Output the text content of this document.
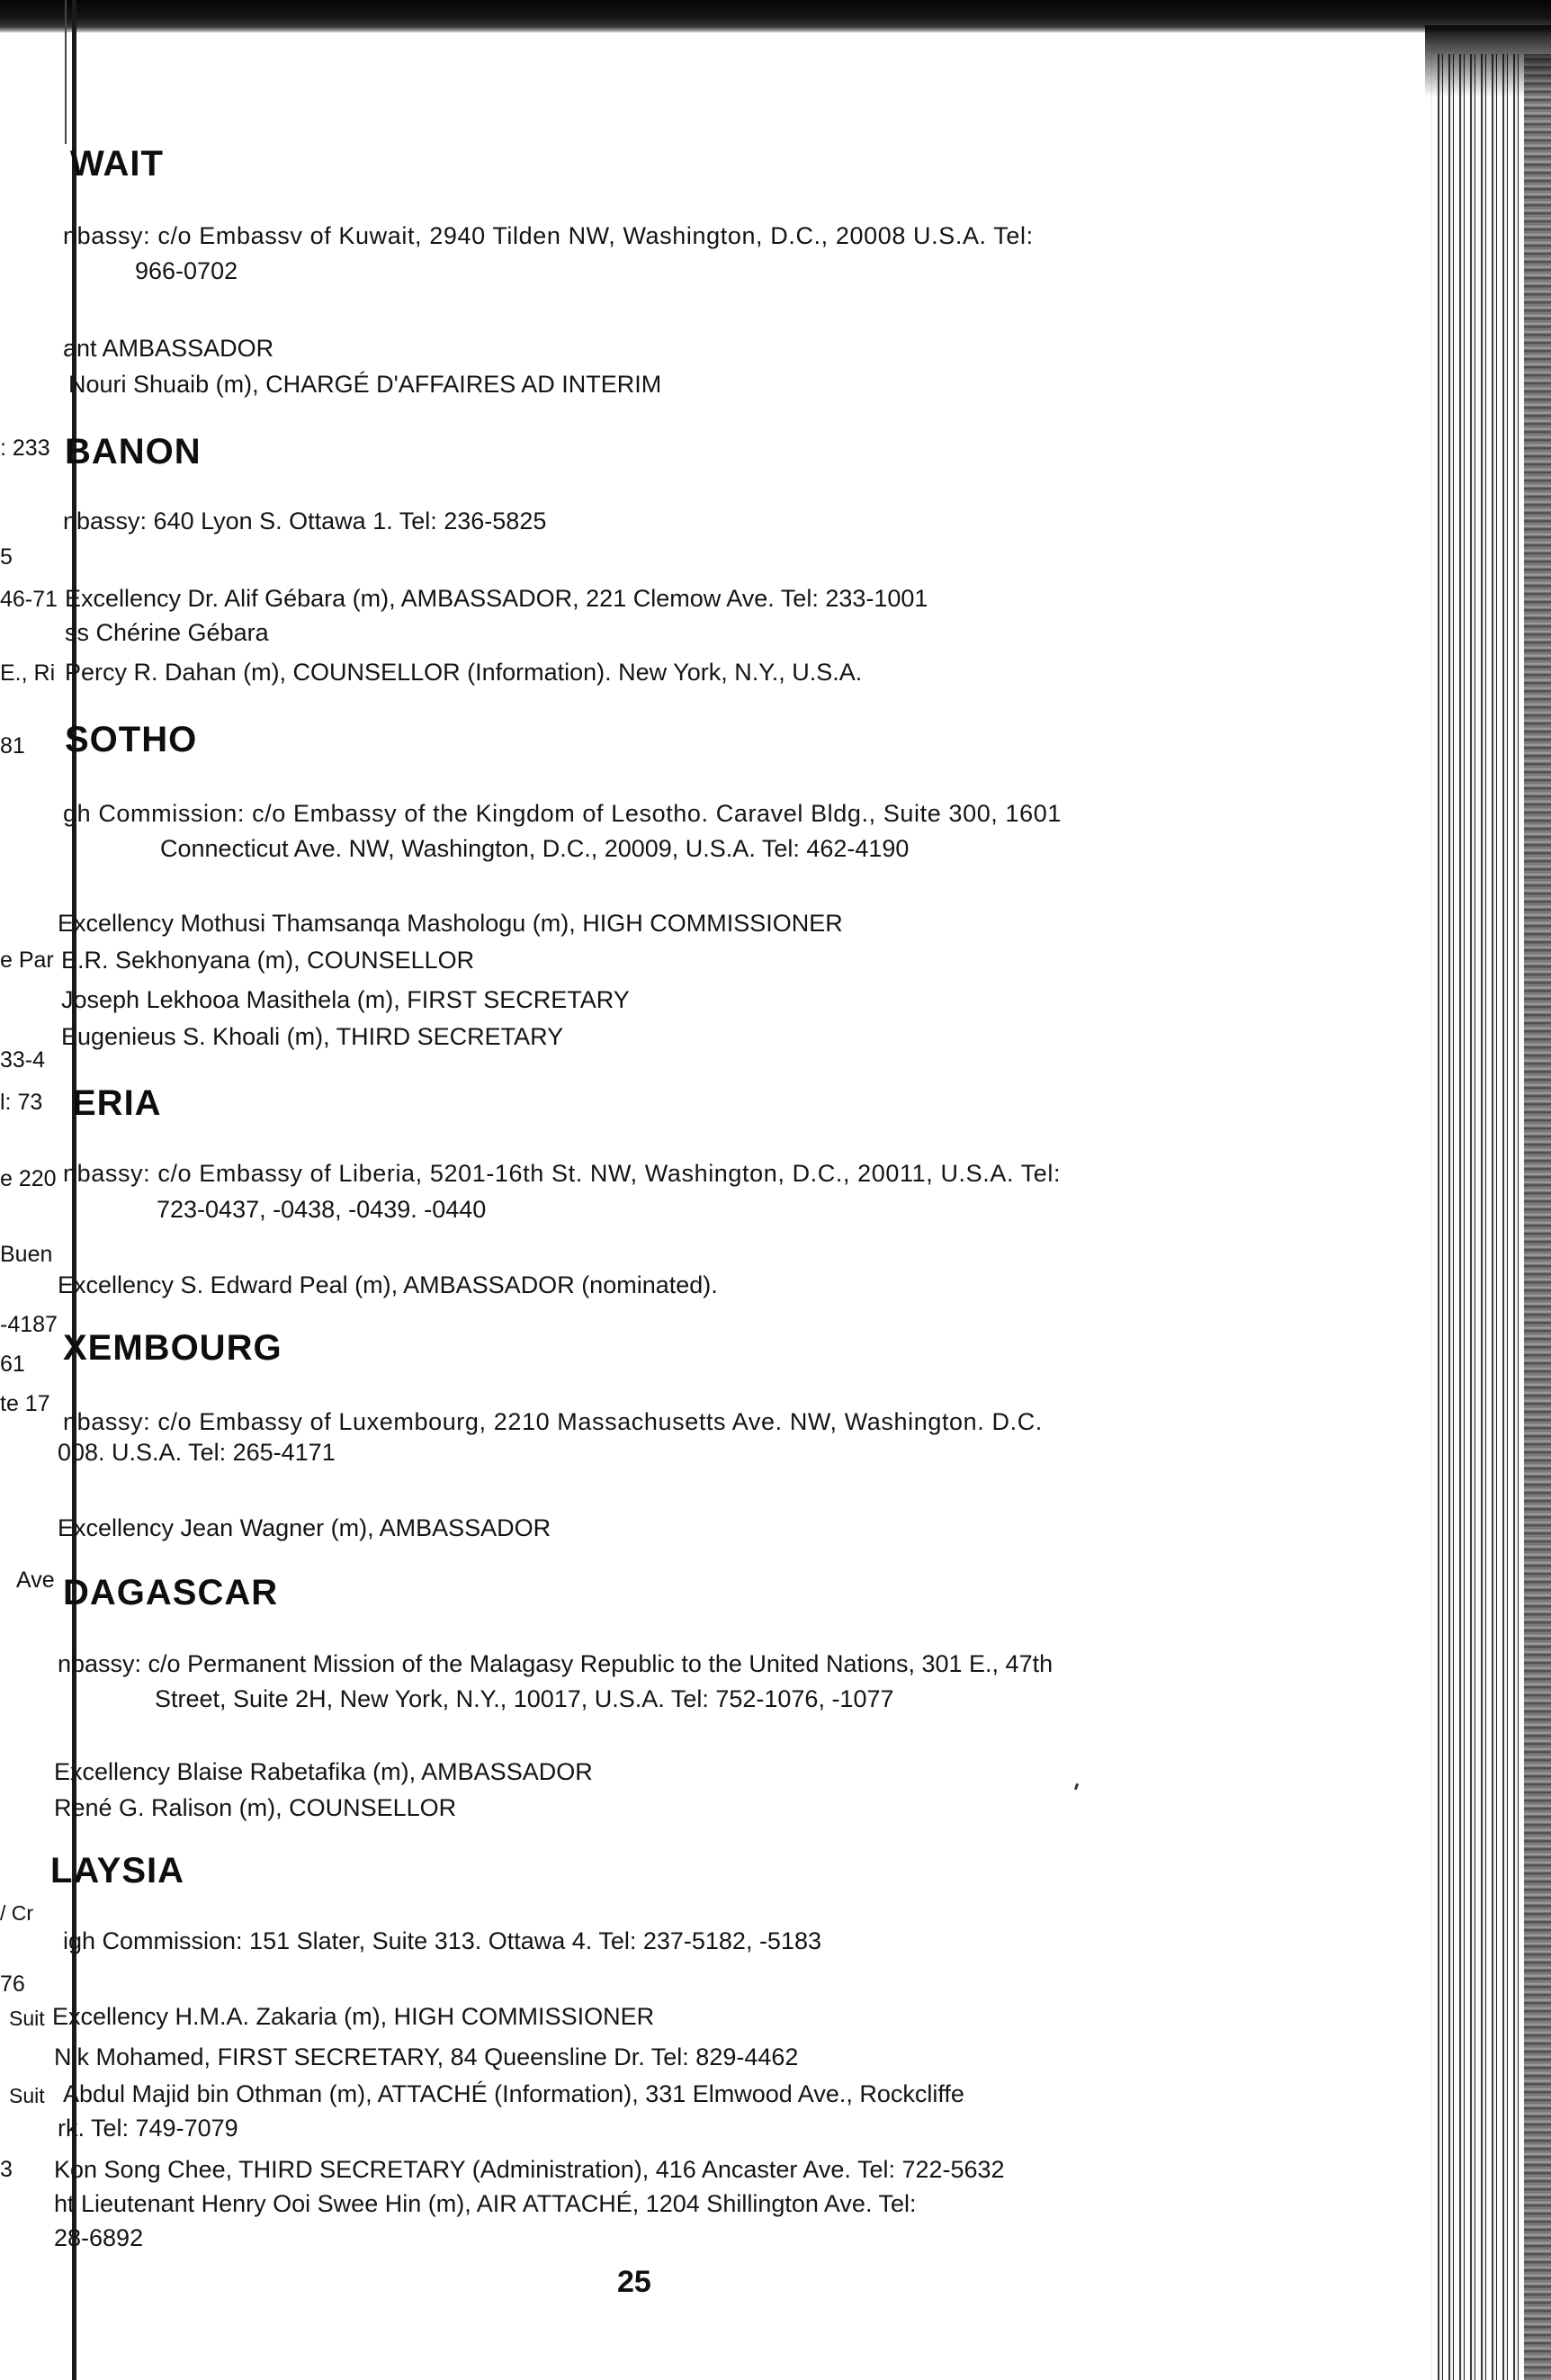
: 233
5
46-71
E., Ri
81
e Par
33-4
l: 73
e 220
Buen
-4187
61
te 17
Ave
/ Cr
76
Suit
Suit
3
WAIT
nbassy: c/o Embassv of Kuwait, 2940 Tilden NW, Washington, D.C., 20008 U.S.A. Tel:
966-0702
ant AMBASSADOR
Nouri Shuaib (m), CHARGÉ D'AFFAIRES AD INTERIM
BANON
nbassy: 640 Lyon S. Ottawa 1. Tel: 236-5825
Excellency Dr. Alif Gébara (m), AMBASSADOR, 221 Clemow Ave. Tel: 233-1001
ss Chérine Gébara
Percy R. Dahan (m), COUNSELLOR (Information). New York, N.Y., U.S.A.
SOTHO
gh Commission: c/o Embassy of the Kingdom of Lesotho. Caravel Bldg., Suite 300, 1601
Connecticut Ave. NW, Washington, D.C., 20009, U.S.A. Tel: 462-4190
Excellency Mothusi Thamsanqa Mashologu (m), HIGH COMMISSIONER
E.R. Sekhonyana (m), COUNSELLOR
Joseph Lekhooa Masithela (m), FIRST SECRETARY
Eugenieus S. Khoali (m), THIRD SECRETARY
ERIA
nbassy: c/o Embassy of Liberia, 5201-16th St. NW, Washington, D.C., 20011, U.S.A. Tel:
723-0437, -0438, -0439. -0440
Excellency S. Edward Peal (m), AMBASSADOR (nominated).
XEMBOURG
nbassy: c/o Embassy of Luxembourg, 2210 Massachusetts Ave. NW, Washington. D.C.
008. U.S.A. Tel: 265-4171
Excellency Jean Wagner (m), AMBASSADOR
DAGASCAR
nbassy: c/o Permanent Mission of the Malagasy Republic to the United Nations, 301 E., 47th
Street, Suite 2H, New York, N.Y., 10017, U.S.A. Tel: 752-1076, -1077
Excellency Blaise Rabetafika (m), AMBASSADOR
René G. Ralison (m), COUNSELLOR
LAYSIA
igh Commission: 151 Slater, Suite 313. Ottawa 4. Tel: 237-5182, -5183
Excellency H.M.A. Zakaria (m), HIGH COMMISSIONER
Nik Mohamed, FIRST SECRETARY, 84 Queensline Dr. Tel: 829-4462
Abdul Majid bin Othman (m), ATTACHÉ (Information), 331 Elmwood Ave., Rockcliffe
rk. Tel: 749-7079
Kon Song Chee, THIRD SECRETARY (Administration), 416 Ancaster Ave. Tel: 722-5632
ht Lieutenant Henry Ooi Swee Hin (m), AIR ATTACHÉ, 1204 Shillington Ave. Tel:
28-6892
25
